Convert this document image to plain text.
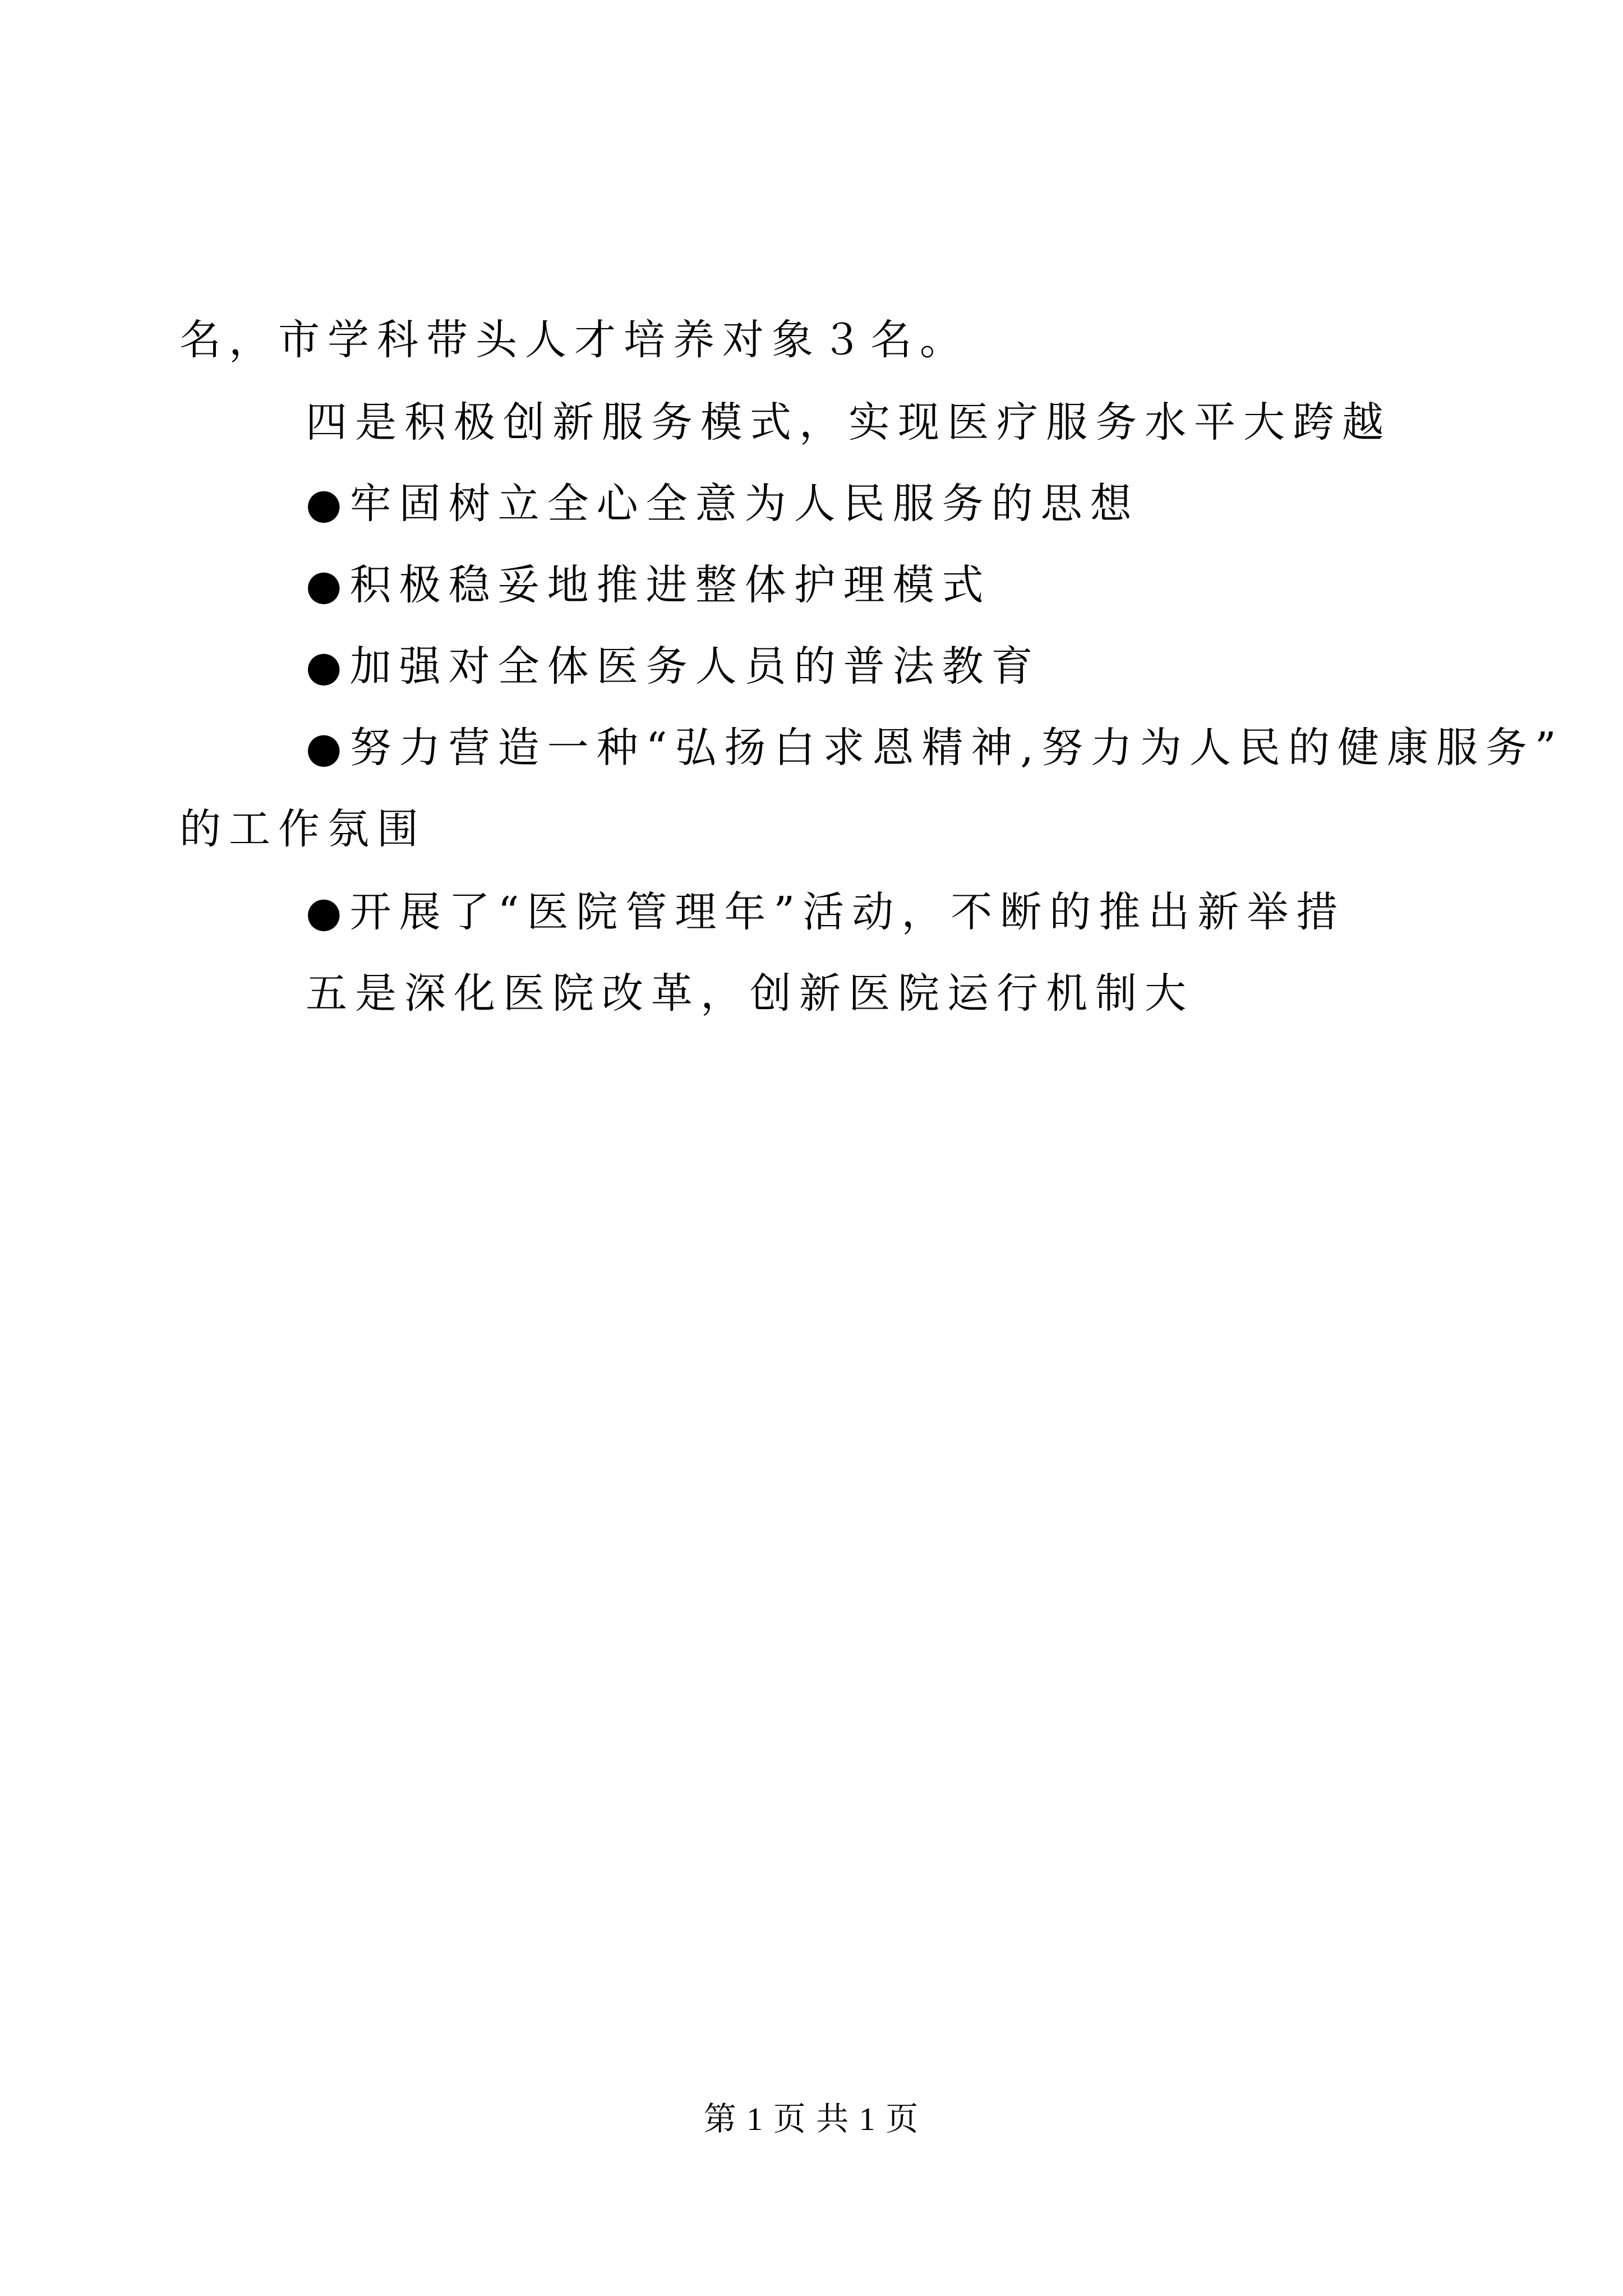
名，市学科带头人才培养对象３名。
四是积极创新服务模式，实现医疗服务水平大跨越
●牢固树立全心全意为人民服务的思想
●积极稳妥地推进整体护理模式
●加强对全体医务人员的普法教育
●努力营造一种“弘扬白求恩精神,努力为人民的健康服务”
的工作氛围
●开展了“医院管理年”活动，不断的推出新举措
五是深化医院改革，创新医院运行机制大
第 1 页 共 1 页
